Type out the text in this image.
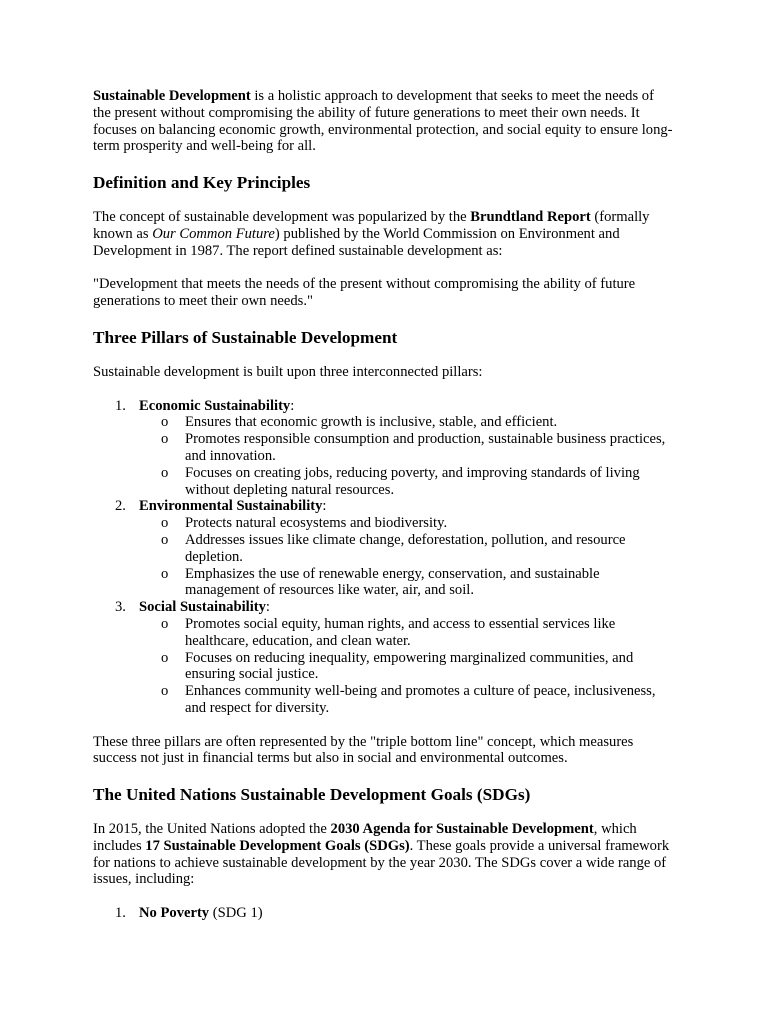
Sustainable Development is a holistic approach to development that seeks to meet the needs of the present without compromising the ability of future generations to meet their own needs. It focuses on balancing economic growth, environmental protection, and social equity to ensure long-term prosperity and well-being for all.

Definition and Key Principles

The concept of sustainable development was popularized by the Brundtland Report (formally known as Our Common Future) published by the World Commission on Environment and Development in 1987. The report defined sustainable development as:

"Development that meets the needs of the present without compromising the ability of future generations to meet their own needs."

Three Pillars of Sustainable Development

Sustainable development is built upon three interconnected pillars:

1. Economic Sustainability:
o Ensures that economic growth is inclusive, stable, and efficient.
o Promotes responsible consumption and production, sustainable business practices, and innovation.
o Focuses on creating jobs, reducing poverty, and improving standards of living without depleting natural resources.
2. Environmental Sustainability:
o Protects natural ecosystems and biodiversity.
o Addresses issues like climate change, deforestation, pollution, and resource depletion.
o Emphasizes the use of renewable energy, conservation, and sustainable management of resources like water, air, and soil.
3. Social Sustainability:
o Promotes social equity, human rights, and access to essential services like healthcare, education, and clean water.
o Focuses on reducing inequality, empowering marginalized communities, and ensuring social justice.
o Enhances community well-being and promotes a culture of peace, inclusiveness, and respect for diversity.

These three pillars are often represented by the "triple bottom line" concept, which measures success not just in financial terms but also in social and environmental outcomes.

The United Nations Sustainable Development Goals (SDGs)

In 2015, the United Nations adopted the 2030 Agenda for Sustainable Development, which includes 17 Sustainable Development Goals (SDGs). These goals provide a universal framework for nations to achieve sustainable development by the year 2030. The SDGs cover a wide range of issues, including:

1. No Poverty (SDG 1)
